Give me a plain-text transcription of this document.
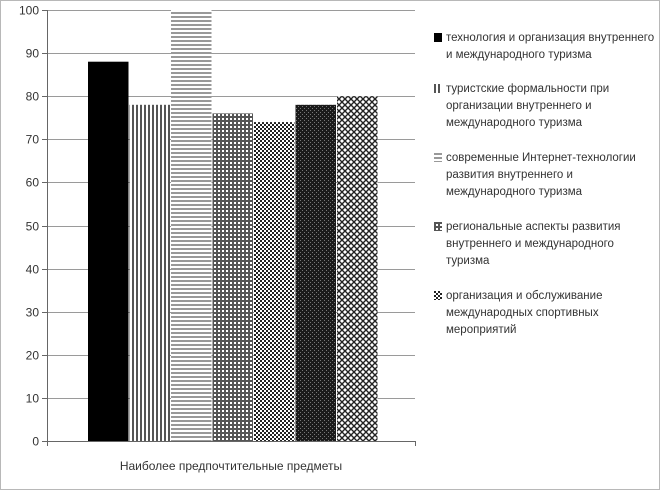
0
10
20
30
40
50
60
70
80
90
100
Наиболее предпочтительные предметы
технология и организация внутреннего и международного туризма
туристские формальности при организации внутреннего и международного туризма
современные Интернет-технологии развития внутреннего и международного туризма
региональные аспекты развития внутреннего и международного туризма
организация и обслуживание международных спортивных мероприятий
